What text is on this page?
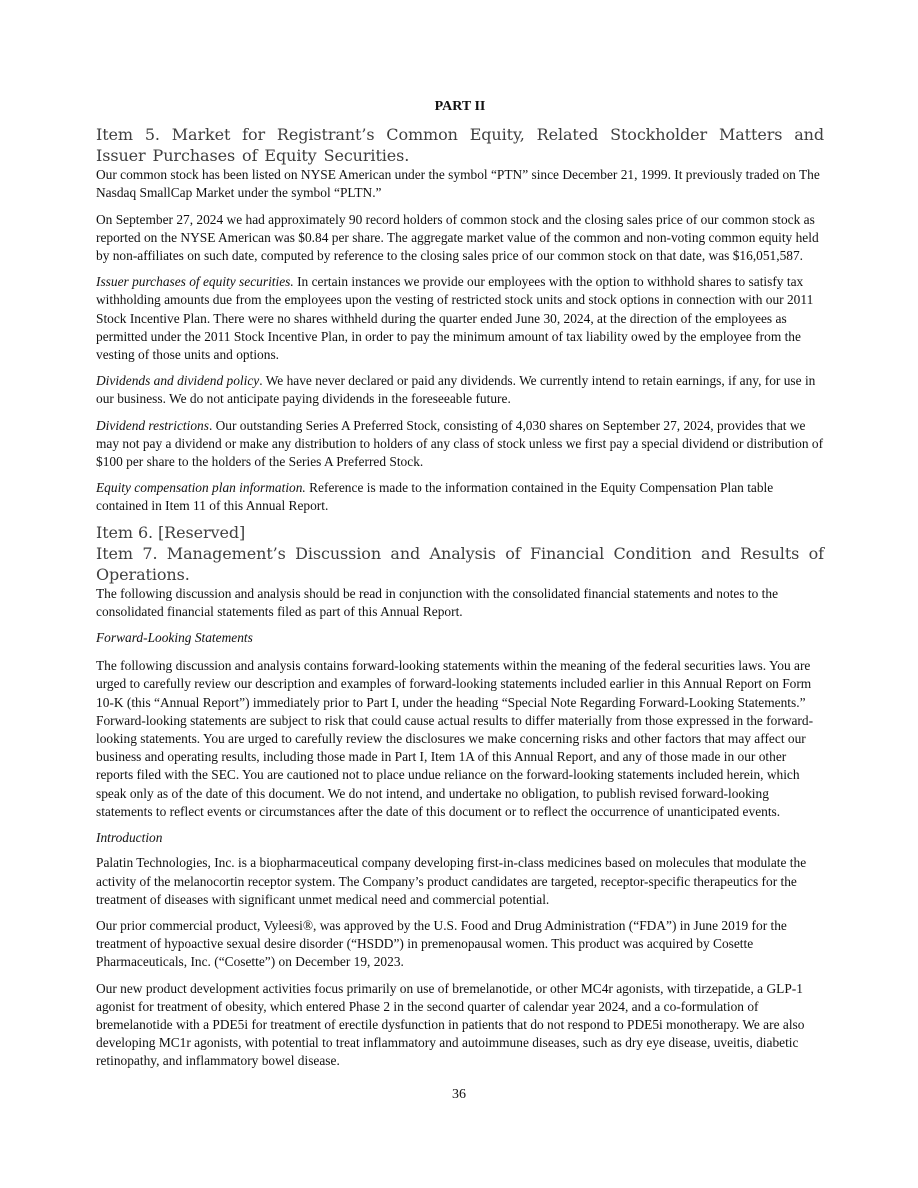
PART II
Item 5. Market for Registrant’s Common Equity, Related Stockholder Matters and Issuer Purchases of Equity Securities.

Our common stock has been listed on NYSE American under the symbol “PTN” since December 21, 1999. It previously traded on The Nasdaq SmallCap Market under the symbol “PLTN.”

On September 27, 2024 we had approximately 90 record holders of common stock and the closing sales price of our common stock as reported on the NYSE American was $0.84 per share. The aggregate market value of the common and non-voting common equity held by non-affiliates on such date, computed by reference to the closing sales price of our common stock on that date, was $16,051,587.

Issuer purchases of equity securities. In certain instances we provide our employees with the option to withhold shares to satisfy tax withholding amounts due from the employees upon the vesting of restricted stock units and stock options in connection with our 2011 Stock Incentive Plan. There were no shares withheld during the quarter ended June 30, 2024, at the direction of the employees as permitted under the 2011 Stock Incentive Plan, in order to pay the minimum amount of tax liability owed by the employee from the vesting of those units and options.

Dividends and dividend policy. We have never declared or paid any dividends. We currently intend to retain earnings, if any, for use in our business. We do not anticipate paying dividends in the foreseeable future.

Dividend restrictions. Our outstanding Series A Preferred Stock, consisting of 4,030 shares on September 27, 2024, provides that we may not pay a dividend or make any distribution to holders of any class of stock unless we first pay a special dividend or distribution of $100 per share to the holders of the Series A Preferred Stock.

Equity compensation plan information. Reference is made to the information contained in the Equity Compensation Plan table contained in Item 11 of this Annual Report.

Item 6. [Reserved]
Item 7. Management’s Discussion and Analysis of Financial Condition and Results of Operations.

The following discussion and analysis should be read in conjunction with the consolidated financial statements and notes to the consolidated financial statements filed as part of this Annual Report.

Forward-Looking Statements

The following discussion and analysis contains forward-looking statements within the meaning of the federal securities laws. You are urged to carefully review our description and examples of forward-looking statements included earlier in this Annual Report on Form 10-K (this “Annual Report”) immediately prior to Part I, under the heading “Special Note Regarding Forward-Looking Statements.” Forward-looking statements are subject to risk that could cause actual results to differ materially from those expressed in the forward-looking statements. You are urged to carefully review the disclosures we make concerning risks and other factors that may affect our business and operating results, including those made in Part I, Item 1A of this Annual Report, and any of those made in our other reports filed with the SEC. You are cautioned not to place undue reliance on the forward-looking statements included herein, which speak only as of the date of this document. We do not intend, and undertake no obligation, to publish revised forward-looking statements to reflect events or circumstances after the date of this document or to reflect the occurrence of unanticipated events.

Introduction

Palatin Technologies, Inc. is a biopharmaceutical company developing first-in-class medicines based on molecules that modulate the activity of the melanocortin receptor system. The Company’s product candidates are targeted, receptor-specific therapeutics for the treatment of diseases with significant unmet medical need and commercial potential.

Our prior commercial product, Vyleesi®, was approved by the U.S. Food and Drug Administration (“FDA”) in June 2019 for the treatment of hypoactive sexual desire disorder (“HSDD”) in premenopausal women. This product was acquired by Cosette Pharmaceuticals, Inc. (“Cosette”) on December 19, 2023.

Our new product development activities focus primarily on use of bremelanotide, or other MC4r agonists, with tirzepatide, a GLP-1 agonist for treatment of obesity, which entered Phase 2 in the second quarter of calendar year 2024, and a co-formulation of bremelanotide with a PDE5i for treatment of erectile dysfunction in patients that do not respond to PDE5i monotherapy. We are also developing MC1r agonists, with potential to treat inflammatory and autoimmune diseases, such as dry eye disease, uveitis, diabetic retinopathy, and inflammatory bowel disease.

36
